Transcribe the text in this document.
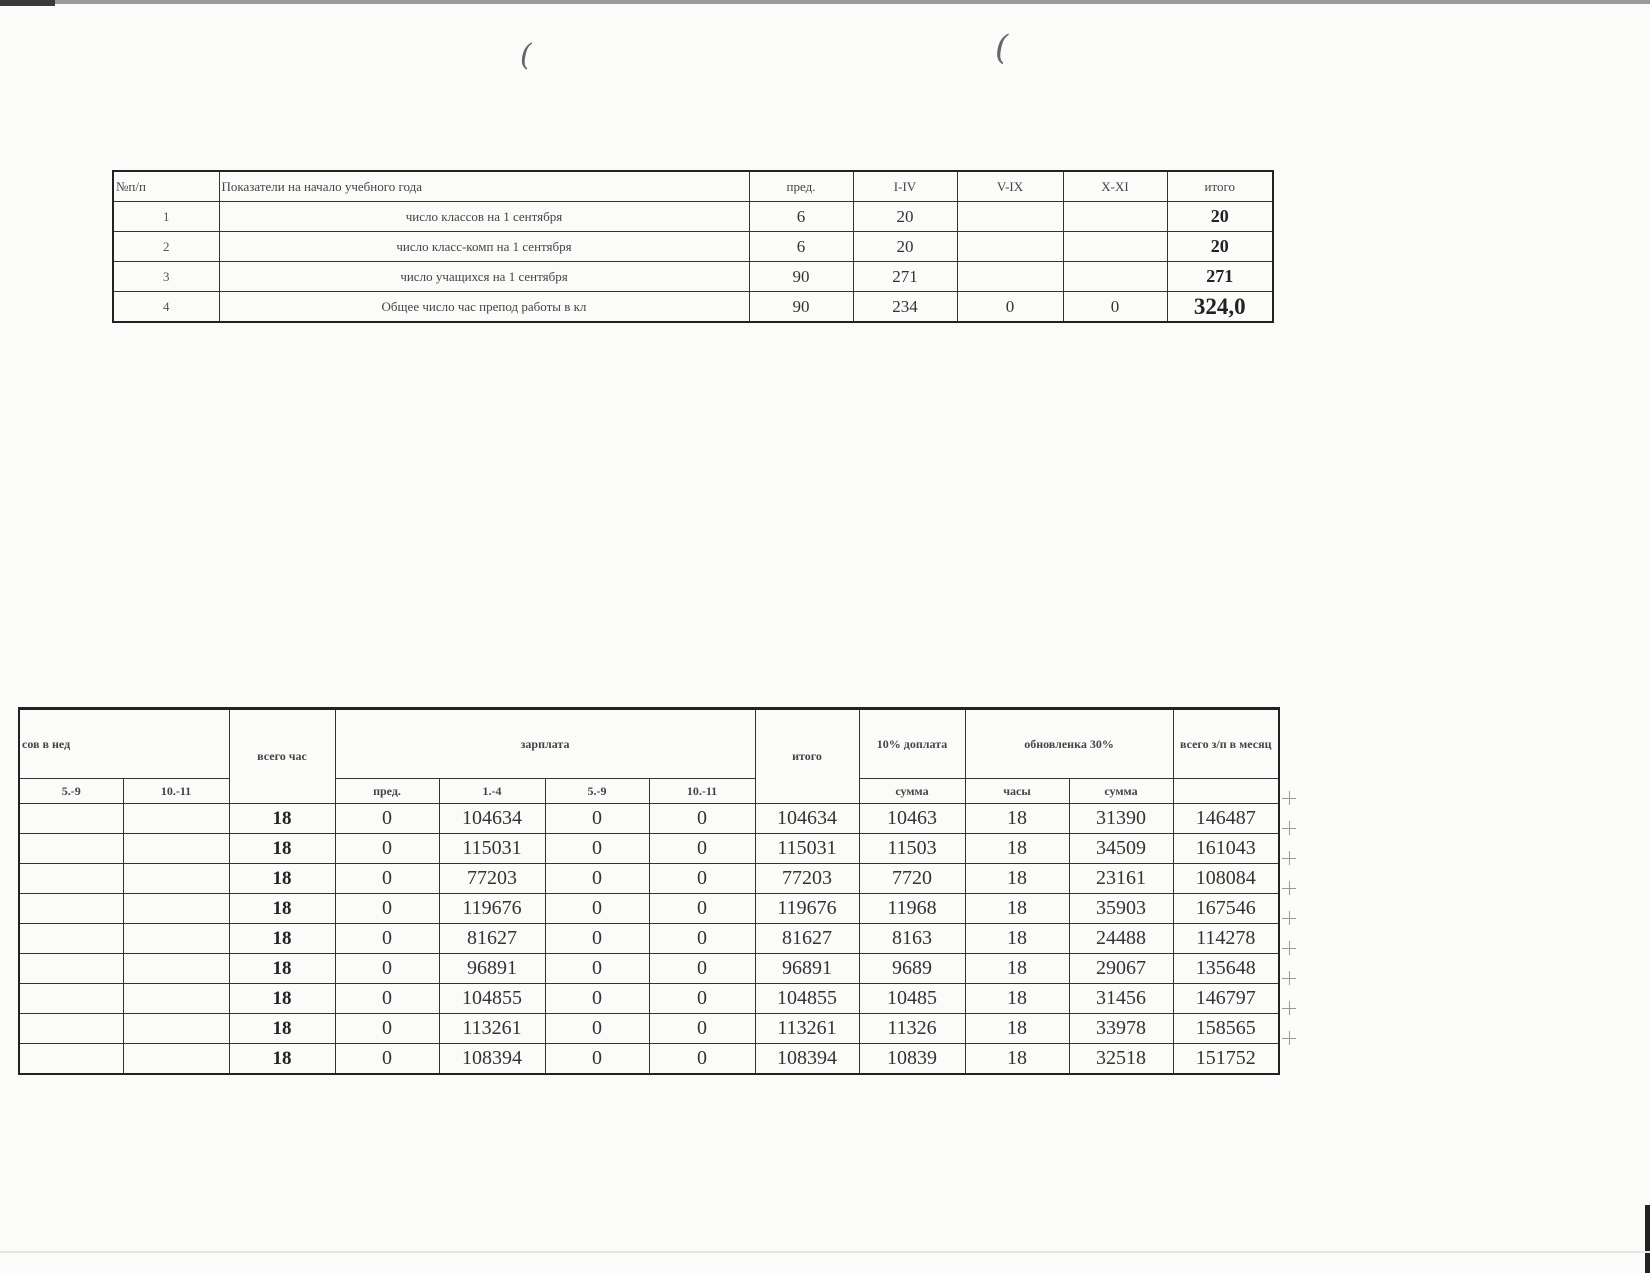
(	(
№п/п	Показатели на начало учебного года	пред.	I-IV	V-IX	X-XI	итого
1	число классов на 1 сентября	6	20			20
2	число класс-комп на 1 сентября	6	20			20
3	число учащихся на 1 сентября	90	271			271
4	Общее число час препод работы в кл	90	234	0	0	324,0
сов в нед		всего час	зарплата				итого	10% доплата	обновленка 30%		всего з/п в месяц
5.-9	10.-11		пред.	1.-4	5.-9	10.-11		сумма	часы	сумма	
		18	0	104634	0	0	104634	10463	18	31390	146487
		18	0	115031	0	0	115031	11503	18	34509	161043
		18	0	77203	0	0	77203	7720	18	23161	108084
		18	0	119676	0	0	119676	11968	18	35903	167546
		18	0	81627	0	0	81627	8163	18	24488	114278
		18	0	96891	0	0	96891	9689	18	29067	135648
		18	0	104855	0	0	104855	10485	18	31456	146797
		18	0	113261	0	0	113261	11326	18	33978	158565
		18	0	108394	0	0	108394	10839	18	32518	151752
